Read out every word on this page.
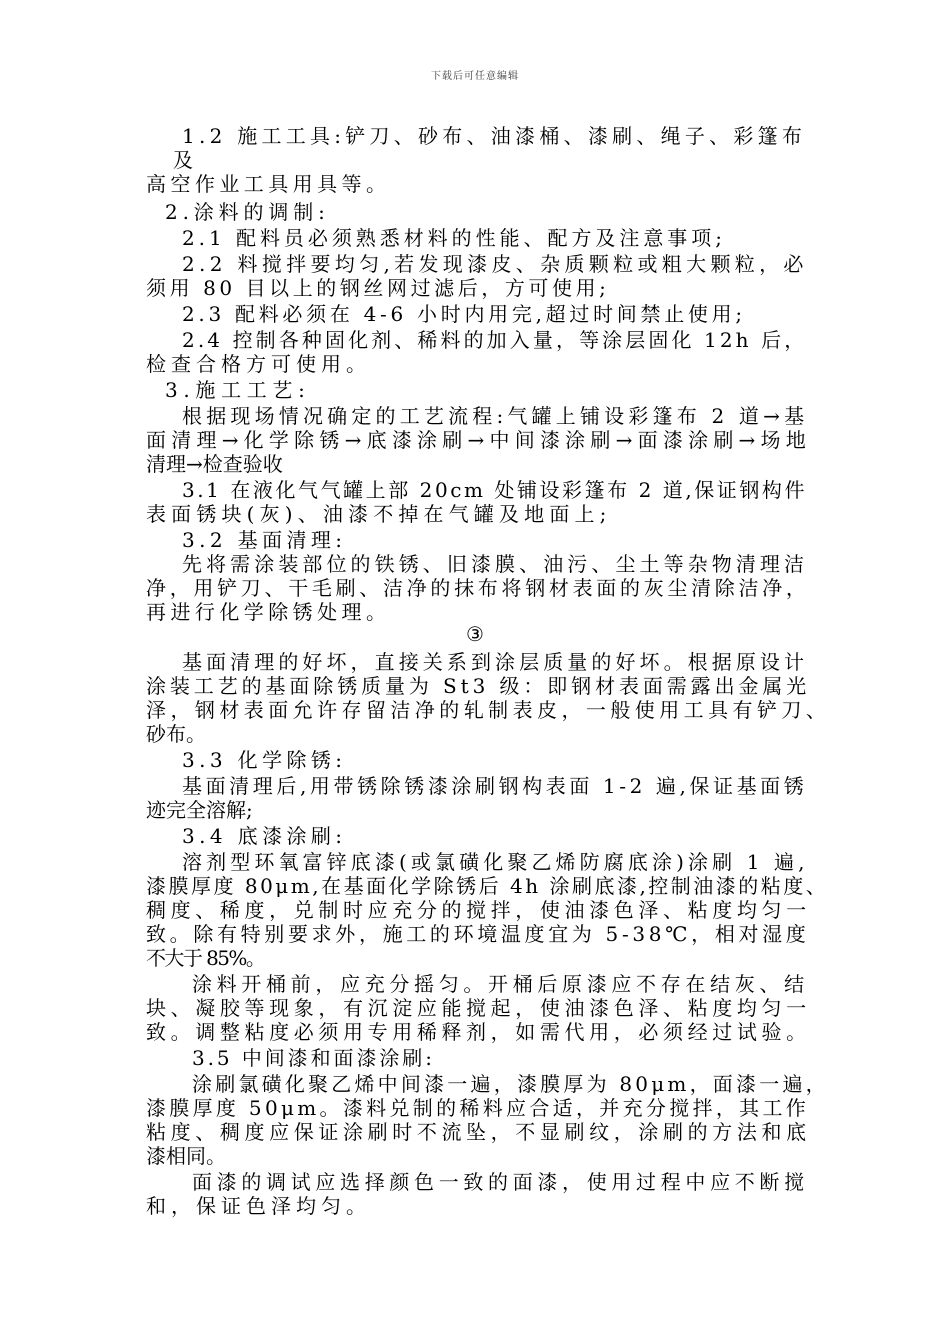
下载后可任意编辑
1.2 施工工具:铲刀、砂布、油漆桶、漆刷、绳子、彩篷布
及
高空作业工具用具等。
2.涂料的调制:
2.1 配料员必须熟悉材料的性能、配方及注意事项;
2.2 料搅拌要均匀,若发现漆皮、杂质颗粒或粗大颗粒，必
须用 80 目以上的钢丝网过滤后，方可使用;
2.3 配料必须在 4-6 小时内用完,超过时间禁止使用;
2.4 控制各种固化剂、稀料的加入量，等涂层固化 12h 后，
检查合格方可使用。
3.施工工艺:
根据现场情况确定的工艺流程:气罐上铺设彩篷布 2 道→基
面清理→化学除锈→底漆涂刷→中间漆涂刷→面漆涂刷→场地
清理→检查验收
3.1 在液化气气罐上部 20cm 处铺设彩篷布 2 道,保证钢构件
表面锈块(灰)、油漆不掉在气罐及地面上;
3.2 基面清理:
先将需涂装部位的铁锈、旧漆膜、油污、尘土等杂物清理洁
净，用铲刀、干毛刷、洁净的抹布将钢材表面的灰尘清除洁净，
再进行化学除锈处理。
③
基面清理的好坏，直接关系到涂层质量的好坏。根据原设计
涂装工艺的基面除锈质量为 St3 级：即钢材表面需露出金属光
泽，钢材表面允许存留洁净的轧制表皮，一般使用工具有铲刀、
砂布。
3.3 化学除锈:
基面清理后,用带锈除锈漆涂刷钢构表面 1-2 遍,保证基面锈
迹完全溶解;
3.4 底漆涂刷:
溶剂型环氧富锌底漆(或氯磺化聚乙烯防腐底涂)涂刷 1 遍,
漆膜厚度 80μm,在基面化学除锈后 4h 涂刷底漆,控制油漆的粘度、
稠度、稀度，兑制时应充分的搅拌，使油漆色泽、粘度均匀一
致。除有特别要求外，施工的环境温度宜为 5-38℃，相对湿度
不大于 85%。
涂料开桶前，应充分摇匀。开桶后原漆应不存在结灰、结
块、凝胶等现象，有沉淀应能搅起，使油漆色泽、粘度均匀一
致。调整粘度必须用专用稀释剂，如需代用，必须经过试验。
3.5 中间漆和面漆涂刷:
涂刷氯磺化聚乙烯中间漆一遍，漆膜厚为 80μm，面漆一遍，
漆膜厚度 50μm。漆料兑制的稀料应合适，并充分搅拌，其工作
粘度、稠度应保证涂刷时不流坠，不显刷纹，涂刷的方法和底
漆相同。
面漆的调试应选择颜色一致的面漆，使用过程中应不断搅
和，保证色泽均匀。
